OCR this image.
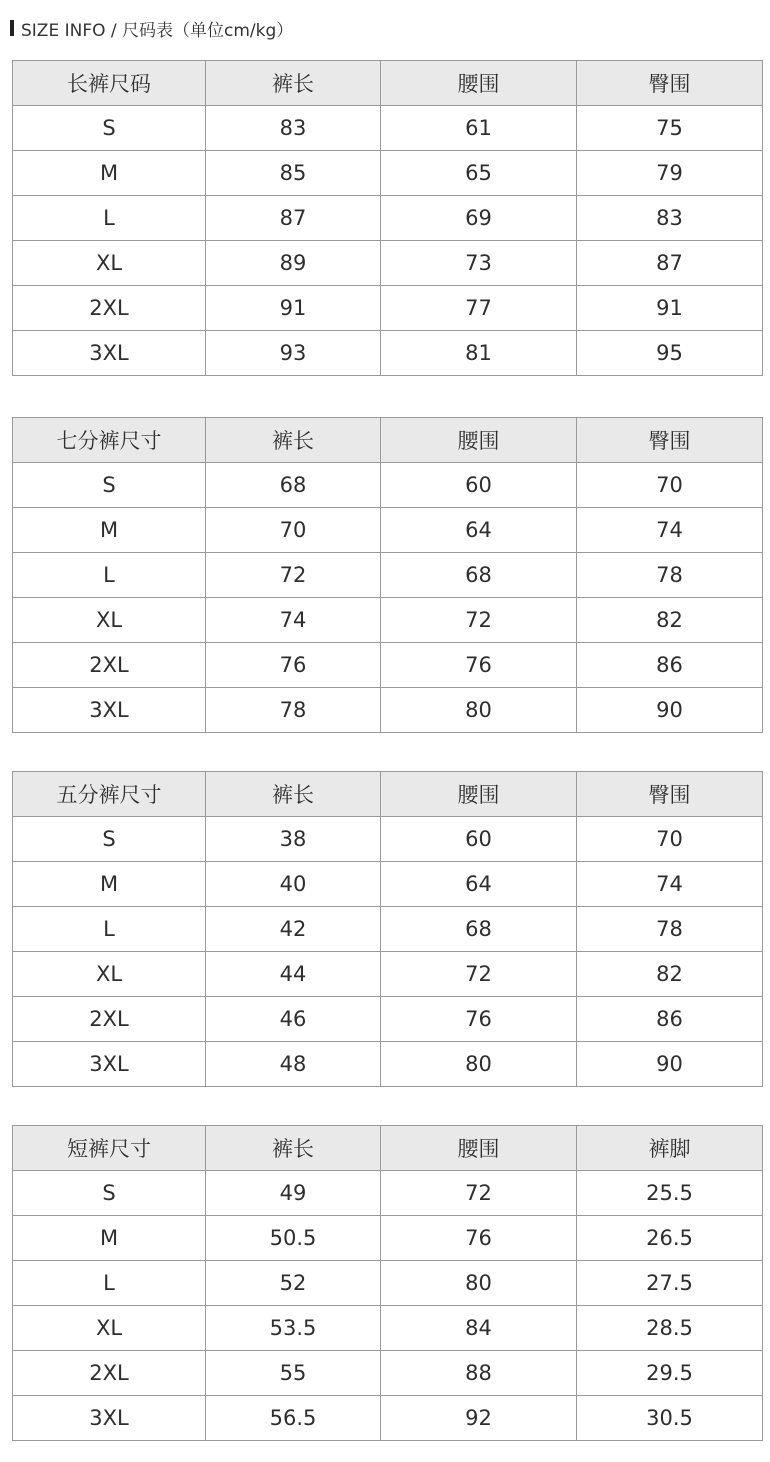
SIZE INFO / 尺码表（单位cm/kg）
长裤尺码	裤长	腰围	臀围
S	83	61	75
M	85	65	79
L	87	69	83
XL	89	73	87
2XL	91	77	91
3XL	93	81	95
七分裤尺寸	裤长	腰围	臀围
S	68	60	70
M	70	64	74
L	72	68	78
XL	74	72	82
2XL	76	76	86
3XL	78	80	90
五分裤尺寸	裤长	腰围	臀围
S	38	60	70
M	40	64	74
L	42	68	78
XL	44	72	82
2XL	46	76	86
3XL	48	80	90
短裤尺寸	裤长	腰围	裤脚
S	49	72	25.5
M	50.5	76	26.5
L	52	80	27.5
XL	53.5	84	28.5
2XL	55	88	29.5
3XL	56.5	92	30.5
